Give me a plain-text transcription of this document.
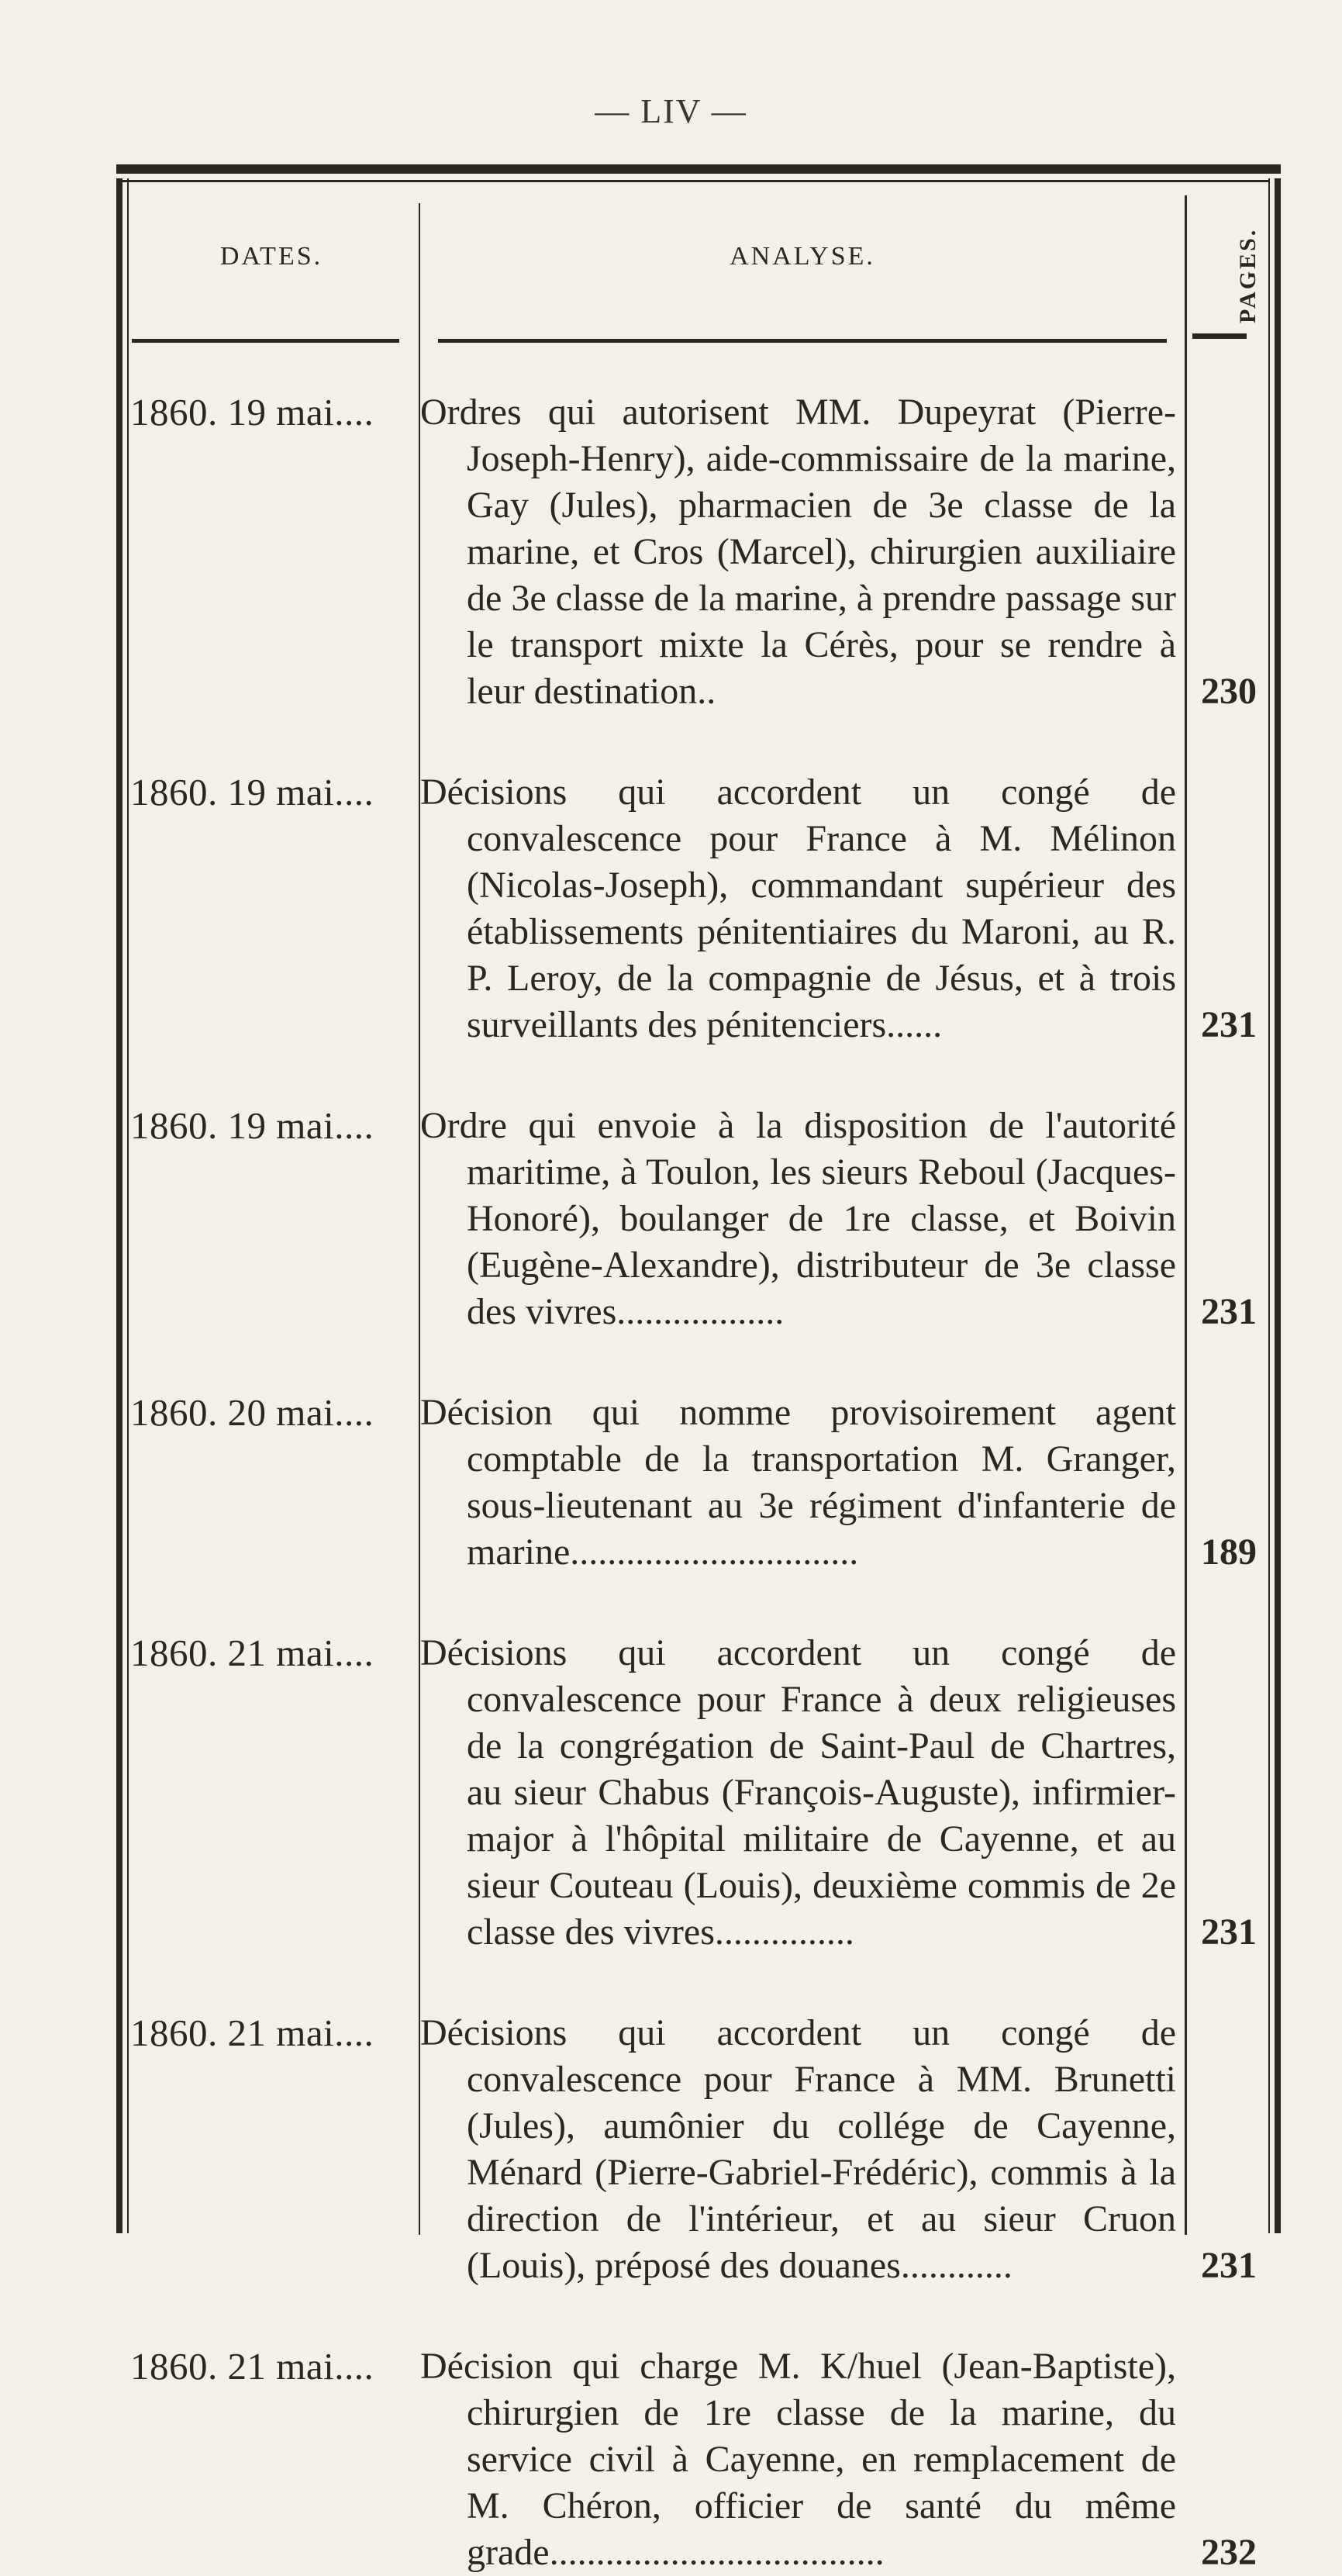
— LIV —
DATES.	ANALYSE.	PAGES.
1860. 19 mai....	Ordres qui autorisent MM. Dupeyrat (Pierre-Joseph-Henry), aide-commissaire de la marine, Gay (Jules), pharmacien de 3e classe de la marine, et Cros (Marcel), chirurgien auxiliaire de 3e classe de la marine, à prendre passage sur le transport mixte la Cérès, pour se rendre à leur destination..	230
1860. 19 mai....	Décisions qui accordent un congé de convalescence pour France à M. Mélinon (Nicolas-Joseph), commandant supérieur des établissements pénitentiaires du Maroni, au R. P. Leroy, de la compagnie de Jésus, et à trois surveillants des pénitenciers......	231
1860. 19 mai....	Ordre qui envoie à la disposition de l'autorité maritime, à Toulon, les sieurs Reboul (Jacques-Honoré), boulanger de 1re classe, et Boivin (Eugène-Alexandre), distributeur de 3e classe des vivres..................	231
1860. 20 mai....	Décision qui nomme provisoirement agent comptable de la transportation M. Granger, sous-lieutenant au 3e régiment d'infanterie de marine...............................	189
1860. 21 mai....	Décisions qui accordent un congé de convalescence pour France à deux religieuses de la congrégation de Saint-Paul de Chartres, au sieur Chabus (François-Auguste), infirmier-major à l'hôpital militaire de Cayenne, et au sieur Couteau (Louis), deuxième commis de 2e classe des vivres...............	231
1860. 21 mai....	Décisions qui accordent un congé de convalescence pour France à MM. Brunetti (Jules), aumônier du collége de Cayenne, Ménard (Pierre-Gabriel-Frédéric), commis à la direction de l'intérieur, et au sieur Cruon (Louis), préposé des douanes............	231
1860. 21 mai....	Décision qui charge M. K/huel (Jean-Baptiste), chirurgien de 1re classe de la marine, du service civil à Cayenne, en remplacement de M. Chéron, officier de santé du même grade....................................	232
